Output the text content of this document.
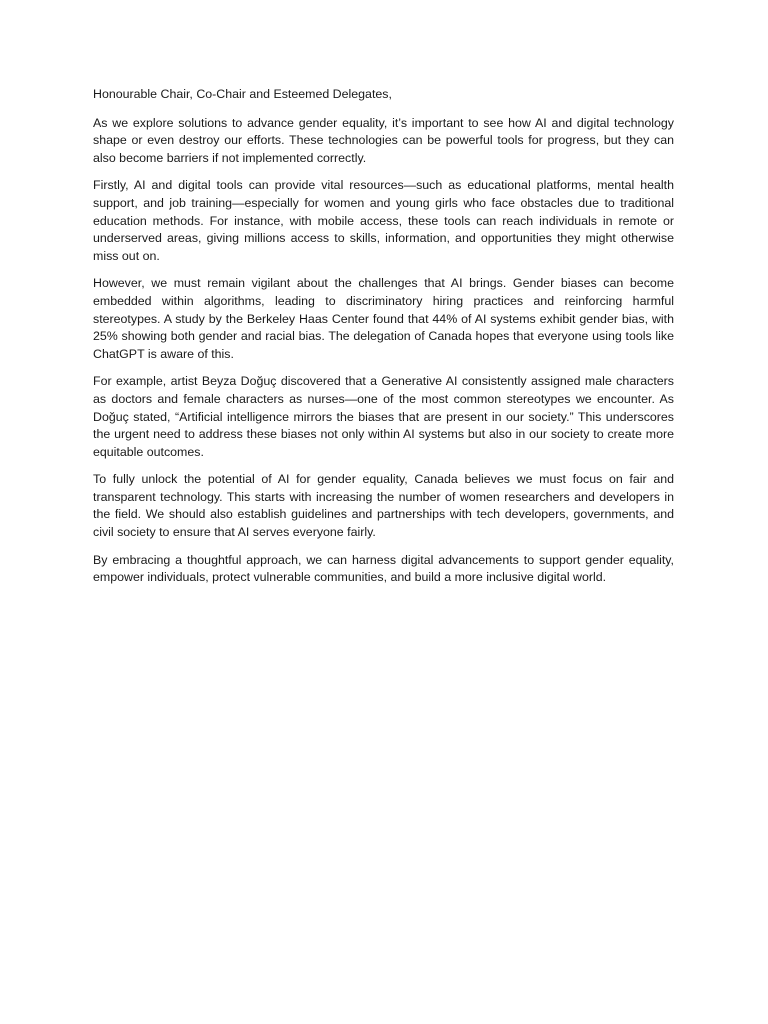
Honourable Chair, Co-Chair and Esteemed Delegates,

As we explore solutions to advance gender equality, it’s important to see how AI and digital technology shape or even destroy our efforts. These technologies can be powerful tools for progress, but they can also become barriers if not implemented correctly.

Firstly, AI and digital tools can provide vital resources—such as educational platforms, mental health support, and job training—especially for women and young girls who face obstacles due to traditional education methods. For instance, with mobile access, these tools can reach individuals in remote or underserved areas, giving millions access to skills, information, and opportunities they might otherwise miss out on.

However, we must remain vigilant about the challenges that AI brings. Gender biases can become embedded within algorithms, leading to discriminatory hiring practices and reinforcing harmful stereotypes. A study by the Berkeley Haas Center found that 44% of AI systems exhibit gender bias, with 25% showing both gender and racial bias. The delegation of Canada hopes that everyone using tools like ChatGPT is aware of this.

For example, artist Beyza Doğuç discovered that a Generative AI consistently assigned male characters as doctors and female characters as nurses—one of the most common stereotypes we encounter. As Doğuç stated, “Artificial intelligence mirrors the biases that are present in our society.” This underscores the urgent need to address these biases not only within AI systems but also in our society to create more equitable outcomes.

To fully unlock the potential of AI for gender equality, Canada believes we must focus on fair and transparent technology. This starts with increasing the number of women researchers and developers in the field. We should also establish guidelines and partnerships with tech developers, governments, and civil society to ensure that AI serves everyone fairly.

By embracing a thoughtful approach, we can harness digital advancements to support gender equality, empower individuals, protect vulnerable communities, and build a more inclusive digital world.
